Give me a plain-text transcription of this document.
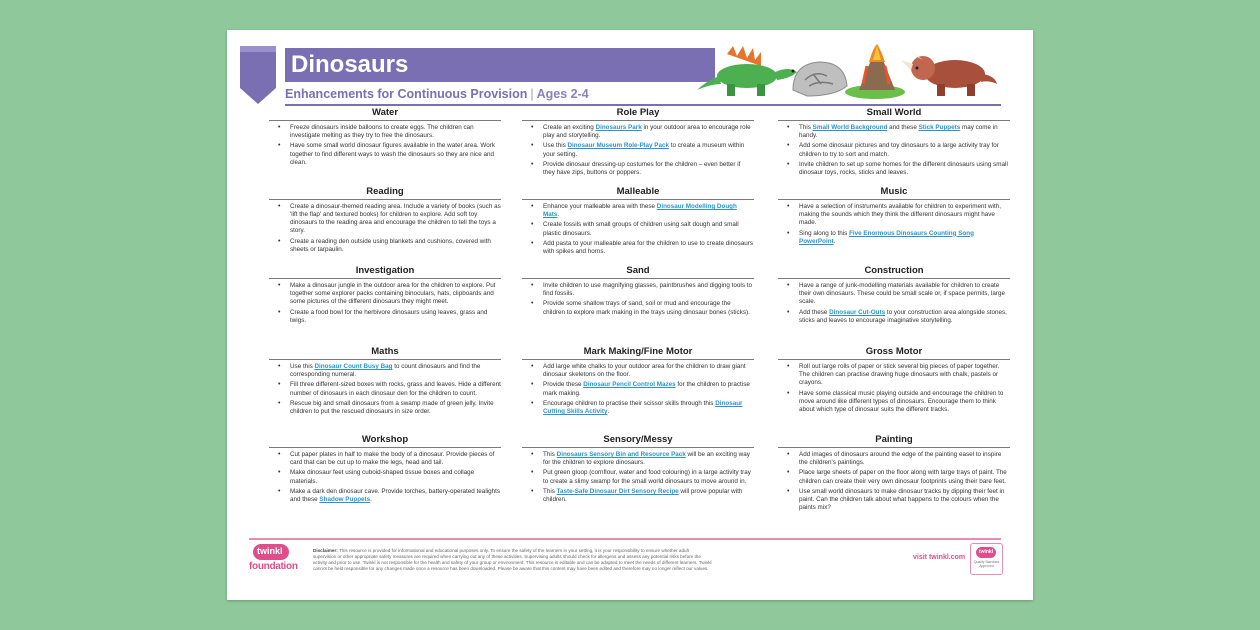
Dinosaurs
Enhancements for Continuous Provision | Ages 2-4
Water
• Freeze dinosaurs inside balloons to create eggs. The children can investigate melting as they try to free the dinosaurs.
• Have some small world dinosaur figures available in the water area. Work together to find different ways to wash the dinosaurs so they are nice and clean.
Role Play
• Create an exciting Dinosaurs Park in your outdoor area to encourage role play and storytelling.
• Use this Dinosaur Museum Role-Play Pack to create a museum within your setting.
• Provide dinosaur dressing-up costumes for the children – even better if they have zips, buttons or poppers.
Small World
• This Small World Background and these Stick Puppets may come in handy.
• Add some dinosaur pictures and toy dinosaurs to a large activity tray for children to try to sort and match.
• Invite children to set up some homes for the different dinosaurs using small dinosaur toys, rocks, sticks and leaves.
Reading
• Create a dinosaur-themed reading area. Include a variety of books (such as 'lift the flap' and textured books) for children to explore. Add soft toy dinosaurs to the reading area and encourage the children to tell the toys a story.
• Create a reading den outside using blankets and cushions, covered with sheets or tarpaulin.
Malleable
• Enhance your malleable area with these Dinosaur Modelling Dough Mats.
• Create fossils with small groups of children using salt dough and small plastic dinosaurs.
• Add pasta to your malleable area for the children to use to create dinosaurs with spikes and horns.
Music
• Have a selection of instruments available for children to experiment with, making the sounds which they think the different dinosaurs might have made.
• Sing along to this Five Enormous Dinosaurs Counting Song PowerPoint.
Investigation
• Make a dinosaur jungle in the outdoor area for the children to explore. Put together some explorer packs containing binoculars, hats, clipboards and some pictures of the different dinosaurs they might meet.
• Create a food bowl for the herbivore dinosaurs using leaves, grass and twigs.
Sand
• Invite children to use magnifying glasses, paintbrushes and digging tools to find fossils.
• Provide some shallow trays of sand, soil or mud and encourage the children to explore mark making in the trays using dinosaur bones (sticks).
Construction
• Have a range of junk-modelling materials available for children to create their own dinosaurs. These could be small scale or, if space permits, large scale.
• Add these Dinosaur Cut-Outs to your construction area alongside stones, sticks and leaves to encourage imaginative storytelling.
Maths
• Use this Dinosaur Count Busy Bag to count dinosaurs and find the corresponding numeral.
• Fill three different-sized boxes with rocks, grass and leaves. Hide a different number of dinosaurs in each dinosaur den for the children to count.
• Rescue big and small dinosaurs from a swamp made of green jelly. Invite children to put the rescued dinosaurs in size order.
Mark Making/Fine Motor
• Add large white chalks to your outdoor area for the children to draw giant dinosaur skeletons on the floor.
• Provide these Dinosaur Pencil Control Mazes for the children to practise mark making.
• Encourage children to practise their scissor skills through this Dinosaur Cutting Skills Activity.
Gross Motor
• Roll out large rolls of paper or stick several big pieces of paper together. The children can practise drawing huge dinosaurs with chalk, pastels or crayons.
• Have some classical music playing outside and encourage the children to move around like different types of dinosaurs. Encourage them to think about which type of dinosaur suits the different tracks.
Workshop
• Cut paper plates in half to make the body of a dinosaur. Provide pieces of card that can be cut up to make the legs, head and tail.
• Make dinosaur feet using cuboid-shaped tissue boxes and collage materials.
• Make a dark den dinosaur cave. Provide torches, battery-operated tealights and these Shadow Puppets.
Sensory/Messy
• This Dinosaurs Sensory Bin and Resource Pack will be an exciting way for the children to explore dinosaurs.
• Put green gloop (cornflour, water and food colouring) in a large activity tray to create a slimy swamp for the small world dinosaurs to move around in.
• This Taste-Safe Dinosaur Dirt Sensory Recipe will prove popular with children.
Painting
• Add images of dinosaurs around the edge of the painting easel to inspire the children's paintings.
• Place large sheets of paper on the floor along with large trays of paint. The children can create their very own dinosaur footprints using their bare feet.
• Use small world dinosaurs to make dinosaur tracks by dipping their feet in paint. Can the children talk about what happens to the colours when the paints mix?
twinkl
foundation
Disclaimer: This resource is provided for informational and educational purposes only. To ensure the safety of the learners in your setting, it is your responsibility to ensure whether adult supervision or other appropriate safety measures are required when carrying out any of these activities. Supervising adults should check for allergens and assess any potential risks before the activity and prior to use. Twinkl is not responsible for the health and safety of your group or environment. This resource is editable and can be adapted to meet the needs of different learners. Twinkl cannot be held responsible for any changes made once a resource has been downloaded. Please be aware that this content may have been edited and therefore may no longer reflect our values.
visit twinkl.com
twinkl
Quality Standard Approved
